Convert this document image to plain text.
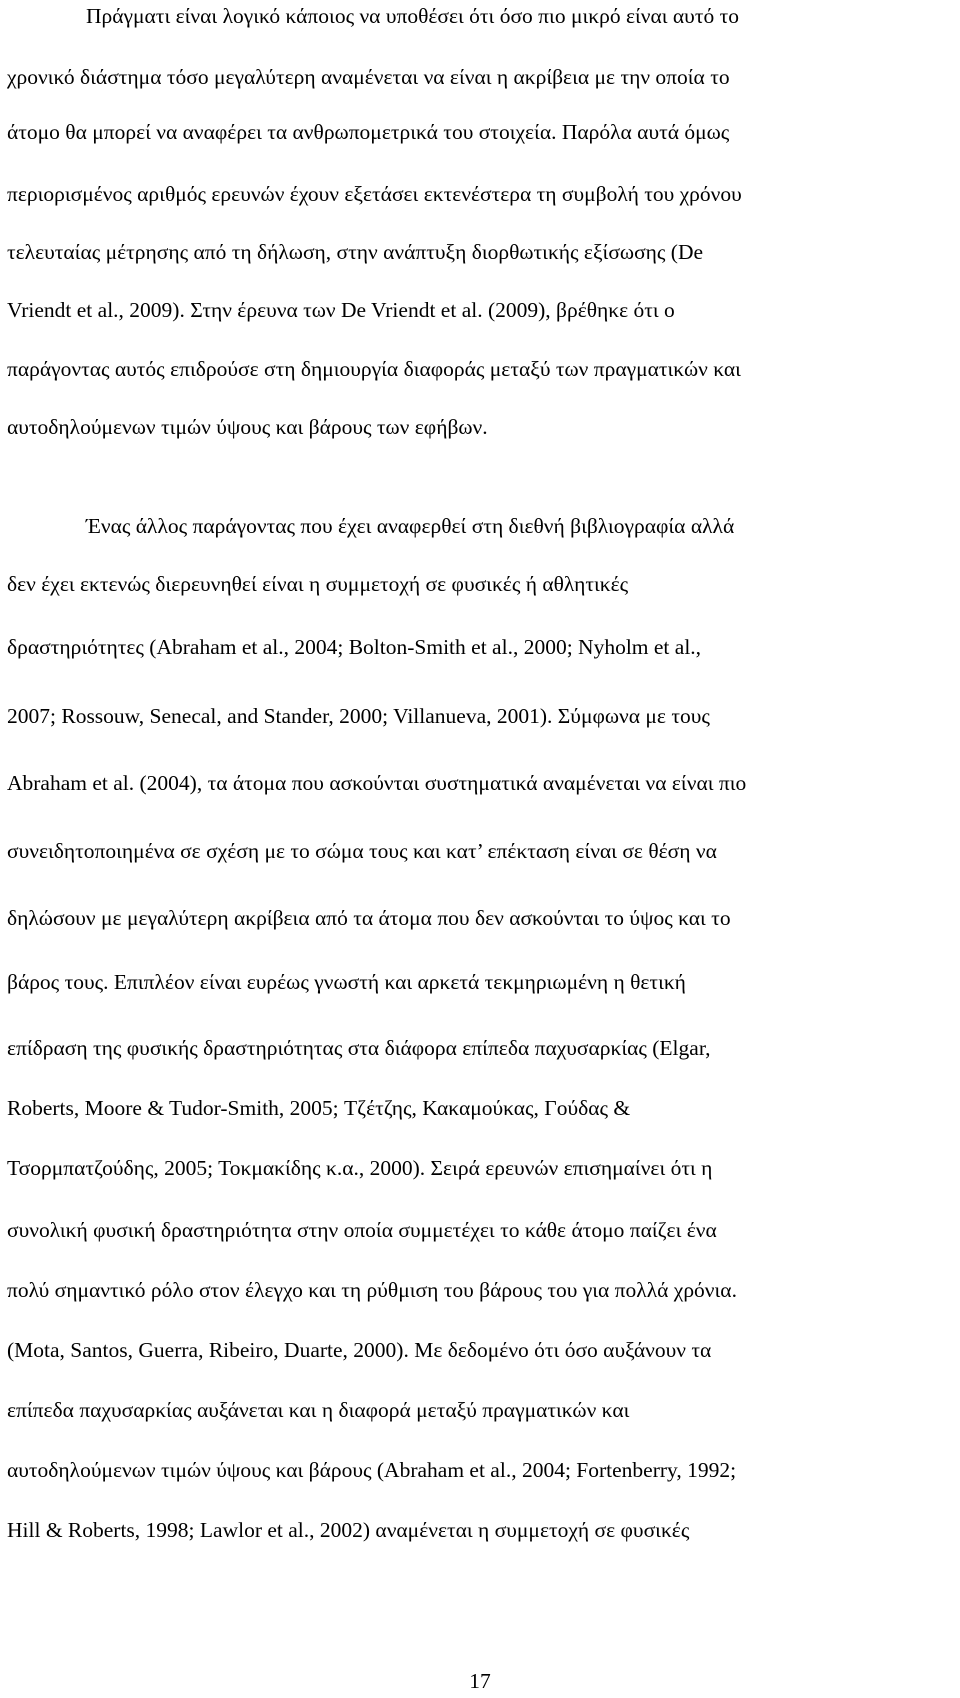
Πράγματι είναι λογικό κάποιος να υποθέσει ότι όσο πιο μικρό είναι αυτό το
χρονικό διάστημα τόσο μεγαλύτερη αναμένεται να είναι η ακρίβεια με την οποία το
άτομο θα μπορεί να αναφέρει τα ανθρωπομετρικά του στοιχεία. Παρόλα αυτά όμως
περιορισμένος αριθμός ερευνών έχουν εξετάσει εκτενέστερα τη συμβολή του χρόνου
τελευταίας μέτρησης από τη δήλωση, στην ανάπτυξη διορθωτικής εξίσωσης (De
Vriendt et al., 2009). Στην έρευνα των De Vriendt et al. (2009), βρέθηκε ότι ο
παράγοντας αυτός επιδρούσε στη δημιουργία διαφοράς μεταξύ των πραγματικών και
αυτοδηλούμενων τιμών ύψους και βάρους των εφήβων.
Ένας άλλος παράγοντας που έχει αναφερθεί στη διεθνή βιβλιογραφία αλλά
δεν έχει εκτενώς διερευνηθεί είναι η συμμετοχή σε φυσικές ή αθλητικές
δραστηριότητες (Abraham et al., 2004; Bolton-Smith et al., 2000; Nyholm et al.,
2007; Rossouw, Senecal, and Stander, 2000; Villanueva, 2001). Σύμφωνα με τους
Abraham et al. (2004), τα άτομα που ασκούνται συστηματικά αναμένεται να είναι πιο
συνειδητοποιημένα σε σχέση με το σώμα τους και κατ’ επέκταση είναι σε θέση να
δηλώσουν με μεγαλύτερη ακρίβεια από τα άτομα που δεν ασκούνται το ύψος και το
βάρος τους. Επιπλέον είναι ευρέως γνωστή και αρκετά τεκμηριωμένη η θετική
επίδραση της φυσικής δραστηριότητας στα διάφορα επίπεδα παχυσαρκίας (Elgar,
Roberts, Moore & Tudor-Smith, 2005; Τζέτζης, Κακαμούκας, Γούδας &
Τσορμπατζούδης, 2005; Τοκμακίδης κ.α., 2000). Σειρά ερευνών επισημαίνει ότι η
συνολική φυσική δραστηριότητα στην οποία συμμετέχει το κάθε άτομο παίζει ένα
πολύ σημαντικό ρόλο στον έλεγχο και τη ρύθμιση του βάρους του για πολλά χρόνια.
(Mota, Santos, Guerra, Ribeiro, Duarte, 2000). Με δεδομένο ότι όσο αυξάνουν τα
επίπεδα παχυσαρκίας αυξάνεται και η διαφορά μεταξύ πραγματικών και
αυτοδηλούμενων τιμών ύψους και βάρους (Abraham et al., 2004; Fortenberry, 1992;
Hill & Roberts, 1998; Lawlor et al., 2002) αναμένεται η συμμετοχή σε φυσικές
17
